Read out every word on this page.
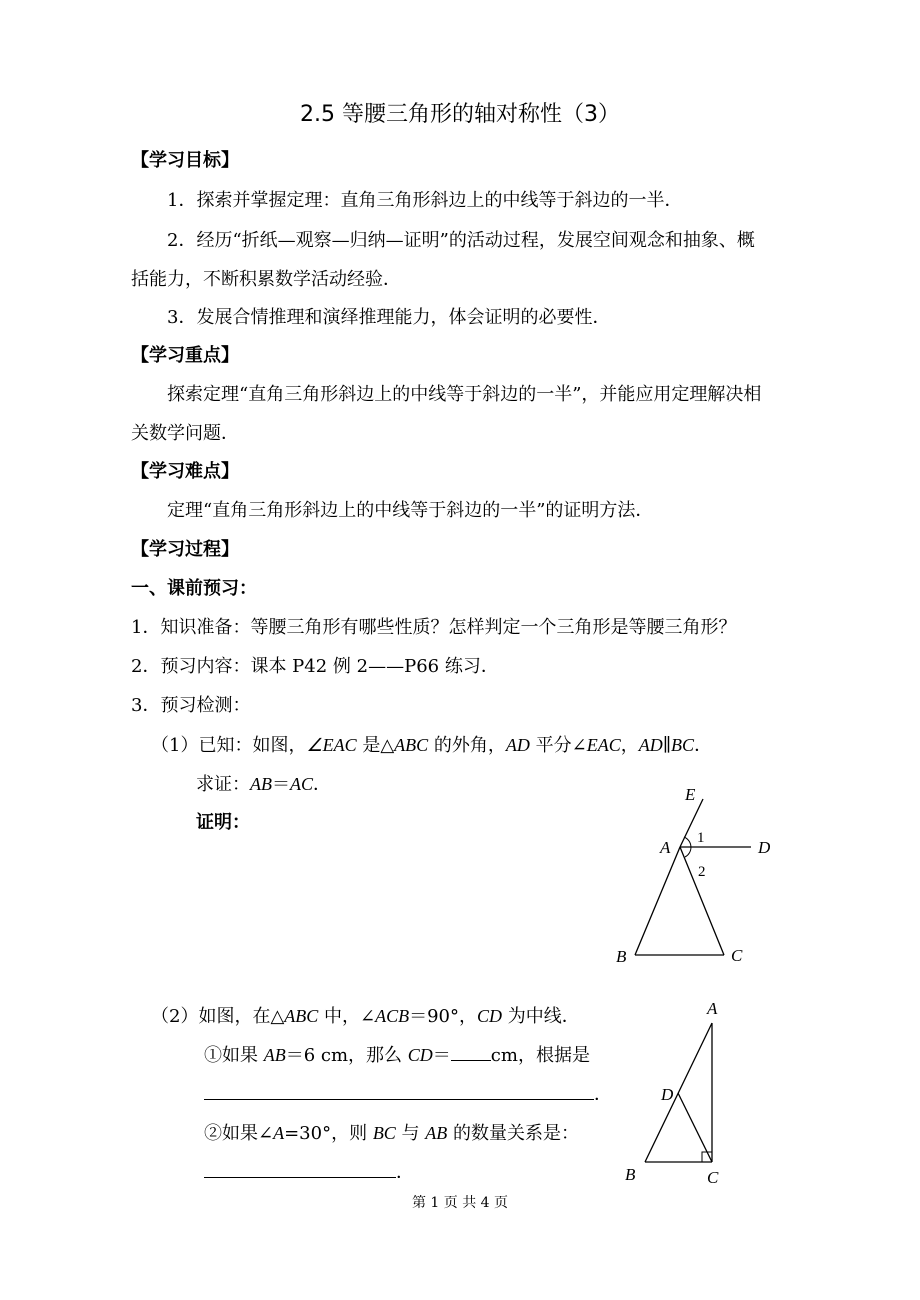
2.5 等腰三角形的轴对称性（3）
【学习目标】
1．探索并掌握定理：直角三角形斜边上的中线等于斜边的一半．
2．经历“折纸—观察—归纳—证明”的活动过程，发展空间观念和抽象、概
括能力，不断积累数学活动经验．
3．发展合情推理和演绎推理能力，体会证明的必要性．
【学习重点】
探索定理“直角三角形斜边上的中线等于斜边的一半”，并能应用定理解决相
关数学问题．
【学习难点】
定理“直角三角形斜边上的中线等于斜边的一半”的证明方法．
【学习过程】
一、课前预习：
1．知识准备：等腰三角形有哪些性质？怎样判定一个三角形是等腰三角形？
2．预习内容：课本 P42 例 2——P66 练习．
3．预习检测：
（1）已知：如图，∠EAC 是△ABC 的外角，AD 平分∠EAC，AD∥BC．
求证：AB＝AC．
证明：
E
A	D
1
2
B	C
（2）如图，在△ABC 中，∠ACB＝90°，CD 为中线．
①如果 AB＝6 cm，那么 CD＝ cm，根据是
．
②如果∠A=30°，则 BC 与 AB 的数量关系是：
．
A
D
B	C
第 1 页 共 4 页
